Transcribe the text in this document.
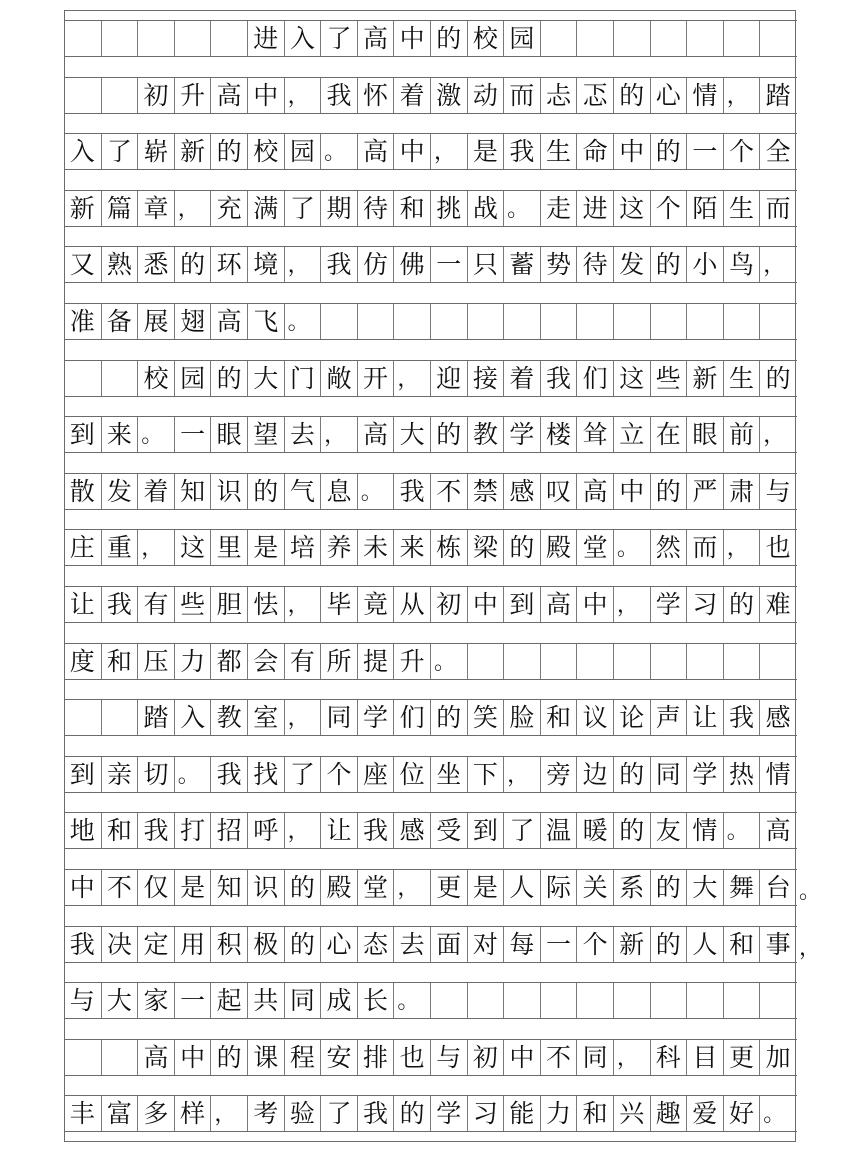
进 入 了 高 中 的 校 园
初 升 高 中 ， 我 怀 着 激 动 而 忐 忑 的 心 情 ， 踏
入 了 崭 新 的 校 园 。 高 中 ， 是 我 生 命 中 的 一 个 全
新 篇 章 ， 充 满 了 期 待 和 挑 战 。 走 进 这 个 陌 生 而
又 熟 悉 的 环 境 ， 我 仿 佛 一 只 蓄 势 待 发 的 小 鸟 ，
准 备 展 翅 高 飞 。
校 园 的 大 门 敞 开 ， 迎 接 着 我 们 这 些 新 生 的
到 来 。 一 眼 望 去 ， 高 大 的 教 学 楼 耸 立 在 眼 前 ，
散 发 着 知 识 的 气 息 。 我 不 禁 感 叹 高 中 的 严 肃 与
庄 重 ， 这 里 是 培 养 未 来 栋 梁 的 殿 堂 。 然 而 ， 也
让 我 有 些 胆 怯 ， 毕 竟 从 初 中 到 高 中 ， 学 习 的 难
度 和 压 力 都 会 有 所 提 升 。
踏 入 教 室 ， 同 学 们 的 笑 脸 和 议 论 声 让 我 感
到 亲 切 。 我 找 了 个 座 位 坐 下 ， 旁 边 的 同 学 热 情
地 和 我 打 招 呼 ， 让 我 感 受 到 了 温 暖 的 友 情 。 高
中 不 仅 是 知 识 的 殿 堂 ， 更 是 人 际 关 系 的 大 舞 台 。
我 决 定 用 积 极 的 心 态 去 面 对 每 一 个 新 的 人 和 事 ，
与 大 家 一 起 共 同 成 长 。
高 中 的 课 程 安 排 也 与 初 中 不 同 ， 科 目 更 加
丰 富 多 样 ， 考 验 了 我 的 学 习 能 力 和 兴 趣 爱 好 。
